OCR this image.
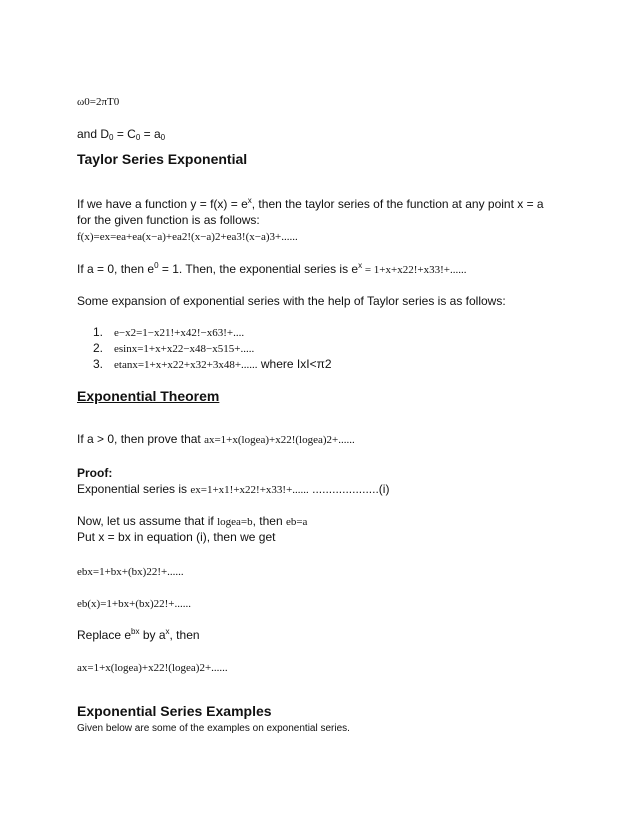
ω0=2πT0
and $D_0 = C_0 = a_0$
Taylor Series Exponential
If we have a function $y = f(x) = e^x$, then the taylor series of the function at any point x = a
for the given function is as follows:
f(x)=ex=ea+ea(x−a)+ea2!(x−a)2+ea3!(x−a)3+......
If a = 0, then $e^0 = 1$. Then, the exponential series is $e^x = 1+x+x22!+x33!+$......
Some expansion of exponential series with the help of Taylor series is as follows:
1. e−x2=1−x21!+x42!−x63!+....
2. esinx=1+x+x22−x48−x515+.....
3. etanx=1+x+x22+x32+3x48+...... where IxI<π2
Exponential Theorem
If a > 0, then prove that ax=1+x(logea)+x22!(logea)2+......
Proof:
Exponential series is ex=1+x1!+x22!+x33!+...... ....................(i)
Now, let us assume that if logea=b, then eb=a
Put x = bx in equation (i), then we get
ebx=1+bx+(bx)22!+......
eb(x)=1+bx+(bx)22!+......
Replace $e^{bx}$ by $a^x$, then
ax=1+x(logea)+x22!(logea)2+......
Exponential Series Examples
Given below are some of the examples on exponential series.
